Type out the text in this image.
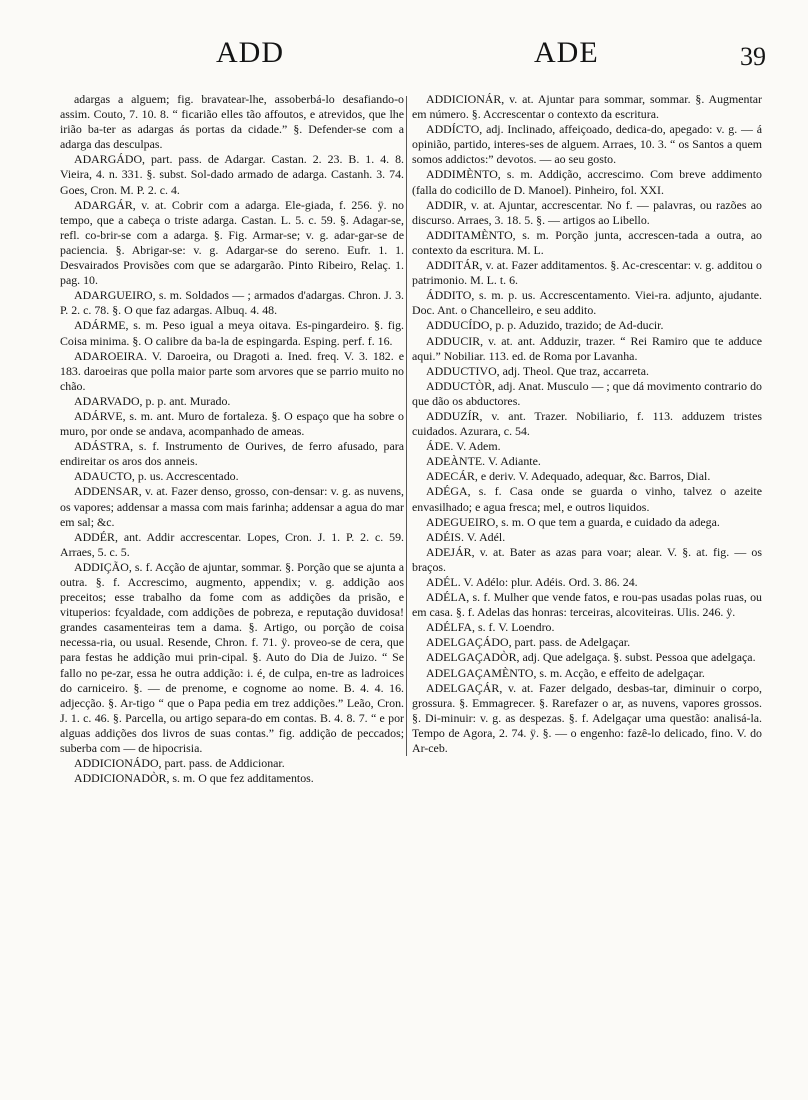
ADD	ADE	39

adargas a alguem; fig. bravatear-lhe, assoberbá-lo desafiando-o assim. Couto, 7. 10. 8. “ ficarião elles tão affoutos, e atrevidos, que lhe irião ba-ter as adargas ás portas da cidade.” §. Defender-se com a adarga das desculpas.

ADARGÁDO, part. pass. de Adargar. Castan. 2. 23. B. 1. 4. 8. Vieira, 4. n. 331. §. subst. Sol-dado armado de adarga. Castanh. 3. 74. Goes, Cron. M. P. 2. c. 4.

ADARGÁR, v. at. Cobrir com a adarga. Ele-giada, f. 256. ÿ. no tempo, que a cabeça o triste adarga. Castan. L. 5. c. 59. §. Adagar-se, refl. co-brir-se com a adarga. §. Fig. Armar-se; v. g. adar-gar-se de paciencia. §. Abrigar-se: v. g. Adargar-se do sereno. Eufr. 1. 1. Desvairados Provisões com que se adargarão. Pinto Ribeiro, Relaç. 1. pag. 10.

ADARGUEIRO, s. m. Soldados — ; armados d'adargas. Chron. J. 3. P. 2. c. 78. §. O que faz adargas. Albuq. 4. 48.

ADÁRME, s. m. Peso igual a meya oitava. Es-pingardeiro. §. fig. Coisa minima. §. O calibre da ba-la de espingarda. Esping. perf. f. 16.

ADAROEIRA. V. Daroeira, ou Dragoti a. Ined. freq. V. 3. 182. e 183. daroeiras que polla maior parte som arvores que se parrio muito no chão.

ADARVADO, p. p. ant. Murado.

ADÁRVE, s. m. ant. Muro de fortaleza. §. O espaço que ha sobre o muro, por onde se andava, acompanhado de ameas.

ADÁSTRA, s. f. Instrumento de Ourives, de ferro afusado, para endireitar os aros dos anneis.

ADAUCTO, p. us. Accrescentado.

ADDENSAR, v. at. Fazer denso, grosso, con-densar: v. g. as nuvens, os vapores; addensar a massa com mais farinha; addensar a agua do mar em sal; &c.

ADDÉR, ant. Addir accrescentar. Lopes, Cron. J. 1. P. 2. c. 59. Arraes, 5. c. 5.

ADDIÇÃO, s. f. Acção de ajuntar, sommar. §. Porção que se ajunta a outra. §. f. Accrescimo, augmento, appendix; v. g. addição aos preceitos; esse trabalho da fome com as addições da prisão, e vituperios: fcyaldade, com addições de pobreza, e reputação duvidosa! grandes casamenteiras tem a dama. §. Artigo, ou porção de coisa necessa-ria, ou usual. Resende, Chron. f. 71. ÿ. proveo-se de cera, que para festas he addição mui prin-cipal. §. Auto do Dia de Juizo. “ Se fallo no pe-zar, essa he outra addição: i. é, de culpa, en-tre as ladroices do carniceiro. §. — de prenome, e cognome ao nome. B. 4. 4. 16. adjecção. §. Ar-tigo “ que o Papa pedia em trez addições.” Leão, Cron. J. 1. c. 46. §. Parcella, ou artigo separa-do em contas. B. 4. 8. 7. “ e por alguas addições dos livros de suas contas.” fig. addição de peccados; suberba com — de hipocrisia.

ADDICIONÁDO, part. pass. de Addicionar.

ADDICIONADÒR, s. m. O que fez additamentos.

ADDICIONÁR, v. at. Ajuntar para sommar, sommar. §. Augmentar em número. §. Accrescentar o contexto da escritura.

ADDÍCTO, adj. Inclinado, affeiçoado, dedica-do, apegado: v. g. — á opinião, partido, interes-ses de alguem. Arraes, 10. 3. “ os Santos a quem somos addictos:” devotos. — ao seu gosto.

ADDIMÈNTO, s. m. Addição, accrescimo. Com breve addimento (falla do codicillo de D. Manoel). Pinheiro, fol. XXI.

ADDIR, v. at. Ajuntar, accrescentar. No f. — palavras, ou razões ao discurso. Arraes, 3. 18. 5. §. — artigos ao Libello.

ADDITAMÈNTO, s. m. Porção junta, accrescen-tada a outra, ao contexto da escritura. M. L.

ADDITÁR, v. at. Fazer additamentos. §. Ac-crescentar: v. g. additou o patrimonio. M. L. t. 6.

ÁDDITO, s. m. p. us. Accrescentamento. Viei-ra. adjunto, ajudante. Doc. Ant. o Chancelleiro, e seu addito.

ADDUCÍDO, p. p. Aduzido, trazido; de Ad-ducir.

ADDUCIR, v. at. ant. Adduzir, trazer. “ Rei Ramiro que te adduce aqui.” Nobiliar. 113. ed. de Roma por Lavanha.

ADDUCTIVO, adj. Theol. Que traz, accarreta.

ADDUCTÒR, adj. Anat. Musculo — ; que dá movimento contrario do que dão os abductores.

ADDUZÍR, v. ant. Trazer. Nobiliario, f. 113. adduzem tristes cuidados. Azurara, c. 54.

ÁDE. V. Adem.

ADEÀNTE. V. Adiante.

ADECÁR, e deriv. V. Adequado, adequar, &c. Barros, Dial.

ADÉGA, s. f. Casa onde se guarda o vinho, talvez o azeite envasilhado; e agua fresca; mel, e outros liquidos.

ADEGUEIRO, s. m. O que tem a guarda, e cuidado da adega.

ADÉIS. V. Adél.

ADEJÁR, v. at. Bater as azas para voar; alear. V. §. at. fig. — os braços.

ADÉL. V. Adélo: plur. Adéis. Ord. 3. 86. 24.

ADÉLA, s. f. Mulher que vende fatos, e rou-pas usadas polas ruas, ou em casa. §. f. Adelas das honras: terceiras, alcoviteiras. Ulis. 246. ÿ.

ADÉLFA, s. f. V. Loendro.

ADELGAÇÁDO, part. pass. de Adelgaçar.

ADELGAÇADÒR, adj. Que adelgaça. §. subst. Pessoa que adelgaça.

ADELGAÇAMÈNTO, s. m. Acção, e effeito de adelgaçar.

ADELGAÇÁR, v. at. Fazer delgado, desbas-tar, diminuir o corpo, grossura. §. Emmagrecer. §. Rarefazer o ar, as nuvens, vapores grossos. §. Di-minuir: v. g. as despezas. §. f. Adelgaçar uma questão: analisá-la. Tempo de Agora, 2. 74. ÿ. §. — o engenho: fazê-lo delicado, fino. V. do Ar-ceb.
